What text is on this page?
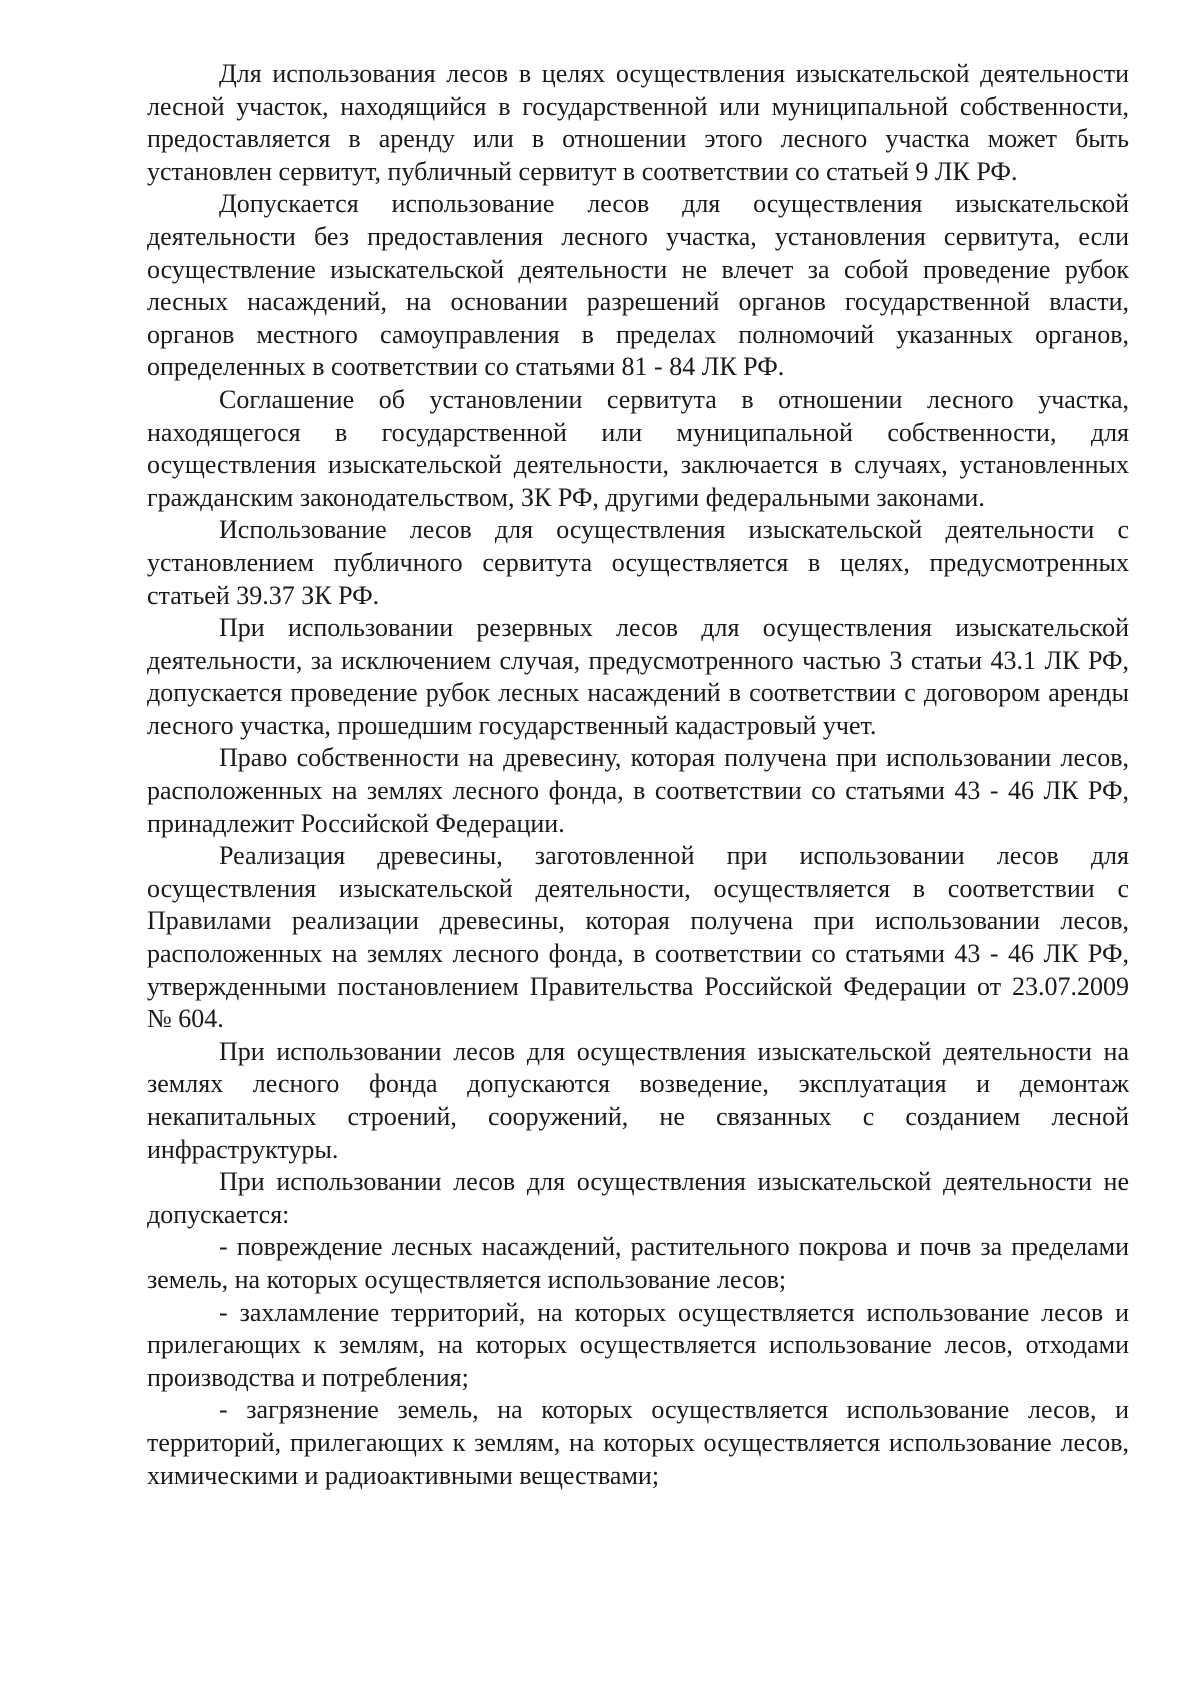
Для использования лесов в целях осуществления изыскательской деятельности лесной участок, находящийся в государственной или муниципальной собственности, предоставляется в аренду или в отношении этого лесного участка может быть установлен сервитут, публичный сервитут в соответствии со статьей 9 ЛК РФ.

Допускается использование лесов для осуществления изыскательской деятельности без предоставления лесного участка, установления сервитута, если осуществление изыскательской деятельности не влечет за собой проведение рубок лесных насаждений, на основании разрешений органов государственной власти, органов местного самоуправления в пределах полномочий указанных органов, определенных в соответствии со статьями 81 - 84 ЛК РФ.

Соглашение об установлении сервитута в отношении лесного участка, находящегося в государственной или муниципальной собственности, для осуществления изыскательской деятельности, заключается в случаях, установленных гражданским законодательством, ЗК РФ, другими федеральными законами.

Использование лесов для осуществления изыскательской деятельности с установлением публичного сервитута осуществляется в целях, предусмотренных статьей 39.37 ЗК РФ.

При использовании резервных лесов для осуществления изыскательской деятельности, за исключением случая, предусмотренного частью 3 статьи 43.1 ЛК РФ, допускается проведение рубок лесных насаждений в соответствии с договором аренды лесного участка, прошедшим государственный кадастровый учет.

Право собственности на древесину, которая получена при использовании лесов, расположенных на землях лесного фонда, в соответствии со статьями 43 - 46 ЛК РФ, принадлежит Российской Федерации.

Реализация древесины, заготовленной при использовании лесов для осуществления изыскательской деятельности, осуществляется в соответствии с Правилами реализации древесины, которая получена при использовании лесов, расположенных на землях лесного фонда, в соответствии со статьями 43 - 46 ЛК РФ, утвержденными постановлением Правительства Российской Федерации от 23.07.2009 № 604.

При использовании лесов для осуществления изыскательской деятельности на землях лесного фонда допускаются возведение, эксплуатация и демонтаж некапитальных строений, сооружений, не связанных с созданием лесной инфраструктуры.

При использовании лесов для осуществления изыскательской деятельности не допускается:

- повреждение лесных насаждений, растительного покрова и почв за пределами земель, на которых осуществляется использование лесов;

- захламление территорий, на которых осуществляется использование лесов и прилегающих к землям, на которых осуществляется использование лесов, отходами производства и потребления;

- загрязнение земель, на которых осуществляется использование лесов, и территорий, прилегающих к землям, на которых осуществляется использование лесов, химическими и радиоактивными веществами;
